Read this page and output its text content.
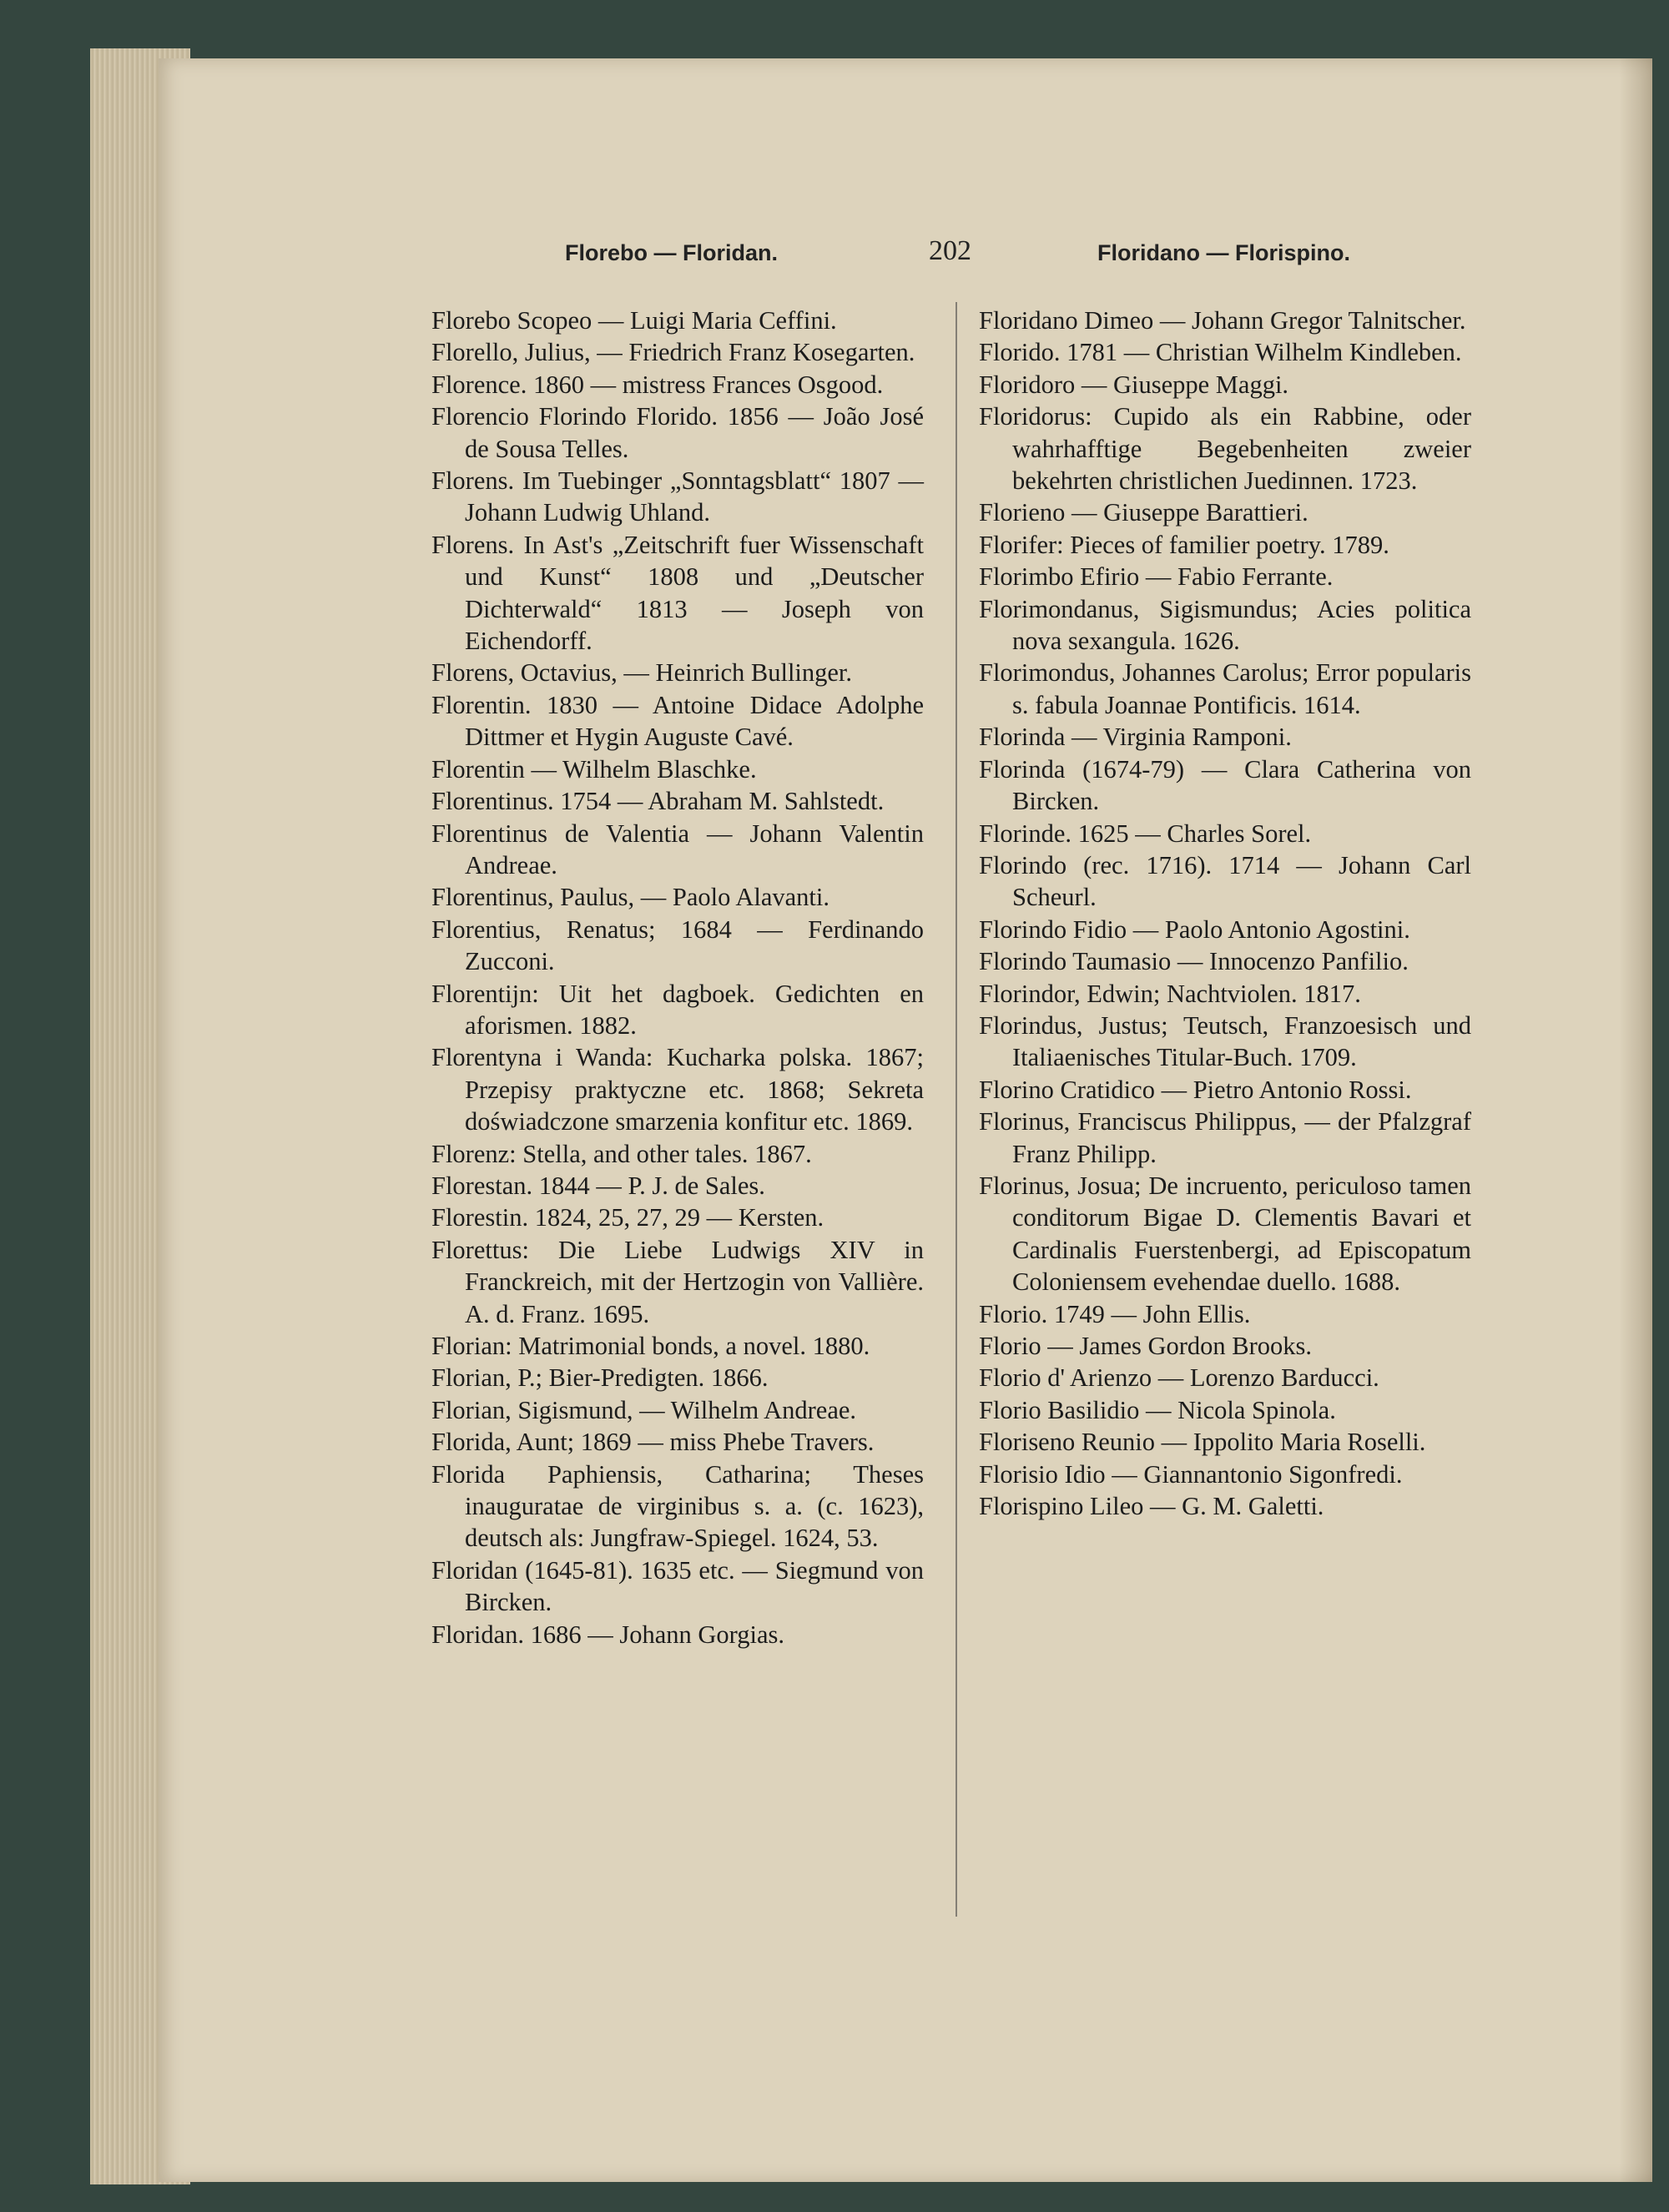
Florebo — Floridan.	202	Floridano — Florispino.
Florebo Scopeo — Luigi Maria Ceffini.
Florello, Julius, — Friedrich Franz Kosegarten.
Florence. 1860 — mistress Frances Osgood.
Florencio Florindo Florido. 1856 — João José de Sousa Telles.
Florens. Im Tuebinger „Sonntagsblatt“ 1807 — Johann Ludwig Uhland.
Florens. In Ast's „Zeitschrift fuer Wissenschaft und Kunst“ 1808 und „Deutscher Dichterwald“ 1813 — Joseph von Eichendorff.
Florens, Octavius, — Heinrich Bullinger.
Florentin. 1830 — Antoine Didace Adolphe Dittmer et Hygin Auguste Cavé.
Florentin — Wilhelm Blaschke.
Florentinus. 1754 — Abraham M. Sahlstedt.
Florentinus de Valentia — Johann Valentin Andreae.
Florentinus, Paulus, — Paolo Alavanti.
Florentius, Renatus; 1684 — Ferdinando Zucconi.
Florentijn: Uit het dagboek. Gedichten en aforismen. 1882.
Florentyna i Wanda: Kucharka polska. 1867; Przepisy praktyczne etc. 1868; Sekreta doświadczone smarzenia konfitur etc. 1869.
Florenz: Stella, and other tales. 1867.
Florestan. 1844 — P. J. de Sales.
Florestin. 1824, 25, 27, 29 — Kersten.
Florettus: Die Liebe Ludwigs XIV in Franckreich, mit der Hertzogin von Vallière. A. d. Franz. 1695.
Florian: Matrimonial bonds, a novel. 1880.
Florian, P.; Bier-Predigten. 1866.
Florian, Sigismund, — Wilhelm Andreae.
Florida, Aunt; 1869 — miss Phebe Travers.
Florida Paphiensis, Catharina; Theses inauguratae de virginibus s. a. (c. 1623), deutsch als: Jungfraw-Spiegel. 1624, 53.
Floridan (1645-81). 1635 etc. — Siegmund von Bircken.
Floridan. 1686 — Johann Gorgias.
Floridano Dimeo — Johann Gregor Talnitscher.
Florido. 1781 — Christian Wilhelm Kindleben.
Floridoro — Giuseppe Maggi.
Floridorus: Cupido als ein Rabbine, oder wahrhafftige Begebenheiten zweier bekehrten christlichen Juedinnen. 1723.
Florieno — Giuseppe Barattieri.
Florifer: Pieces of familier poetry. 1789.
Florimbo Efirio — Fabio Ferrante.
Florimondanus, Sigismundus; Acies politica nova sexangula. 1626.
Florimondus, Johannes Carolus; Error popularis s. fabula Joannae Pontificis. 1614.
Florinda — Virginia Ramponi.
Florinda (1674-79) — Clara Catherina von Bircken.
Florinde. 1625 — Charles Sorel.
Florindo (rec. 1716). 1714 — Johann Carl Scheurl.
Florindo Fidio — Paolo Antonio Agostini.
Florindo Taumasio — Innocenzo Panfilio.
Florindor, Edwin; Nachtviolen. 1817.
Florindus, Justus; Teutsch, Franzoesisch und Italiaenisches Titular-Buch. 1709.
Florino Cratidico — Pietro Antonio Rossi.
Florinus, Franciscus Philippus, — der Pfalzgraf Franz Philipp.
Florinus, Josua; De incruento, periculoso tamen conditorum Bigae D. Clementis Bavari et Cardinalis Fuerstenbergi, ad Episcopatum Coloniensem evehendae duello. 1688.
Florio. 1749 — John Ellis.
Florio — James Gordon Brooks.
Florio d' Arienzo — Lorenzo Barducci.
Florio Basilidio — Nicola Spinola.
Floriseno Reunio — Ippolito Maria Roselli.
Florisio Idio — Giannantonio Sigonfredi.
Florispino Lileo — G. M. Galetti.
